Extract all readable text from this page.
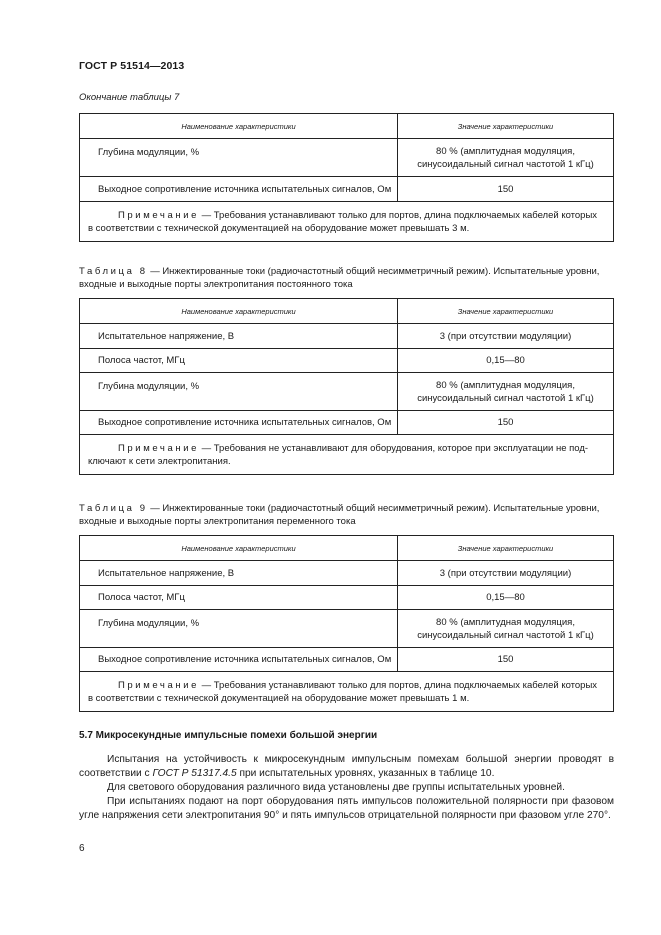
ГОСТ Р 51514—2013
Окончание таблицы 7
Наименование характеристики	Значение характеристики
Глубина модуляции, %	80 % (амплитудная модуляция,
синусоидальный сигнал частотой 1 кГц)

Выходное сопротивление источника испытательных сигналов, Ом	150

Примечание — Требования устанавливают только для портов, длина подключаемых кабелей которых
в соответствии с технической документацией на оборудование может превышать 3 м.	
Таблица 8 — Инжектированные токи (радиочастотный общий несимметричный режим). Испытательные уровни,
входные и выходные порты электропитания постоянного тока
Наименование характеристики	Значение характеристики
Испытательное напряжение, В	3 (при отсутствии модуляции)
Полоса частот, МГц	0,15—80
Глубина модуляции, %	80 % (амплитудная модуляция,
синусоидальный сигнал частотой 1 кГц)

Выходное сопротивление источника испытательных сигналов, Ом	150

Примечание — Требования не устанавливают для оборудования, которое при эксплуатации не под-
ключают к сети электропитания.	
Таблица 9 — Инжектированные токи (радиочастотный общий несимметричный режим). Испытательные уровни,
входные и выходные порты электропитания переменного тока
Наименование характеристики	Значение характеристики
Испытательное напряжение, В	3 (при отсутствии модуляции)
Полоса частот, МГц	0,15—80
Глубина модуляции, %	80 % (амплитудная модуляция,
синусоидальный сигнал частотой 1 кГц)

Выходное сопротивление источника испытательных сигналов, Ом	150

Примечание — Требования устанавливают только для портов, длина подключаемых кабелей которых
в соответствии с технической документацией на оборудование может превышать 1 м.	
5.7 Микросекундные импульсные помехи большой энергии
Испытания на устойчивость к микросекундным импульсным помехам большой энергии проводят в соответствии с ГОСТ Р 51317.4.5 при испытательных уровнях, указанных в таблице 10.
Для светового оборудования различного вида установлены две группы испытательных уровней.
При испытаниях подают на порт оборудования пять импульсов положительной полярности при фазовом угле напряжения сети электропитания 90° и пять импульсов отрицательной полярности при фазовом угле 270°.
6
